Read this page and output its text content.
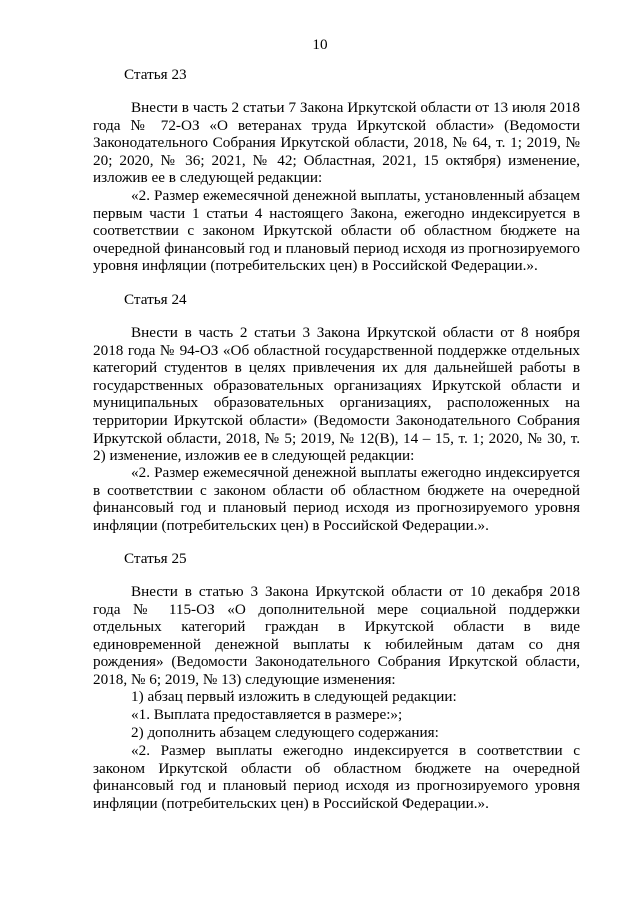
10
Статья 23
Внести в часть 2 статьи 7 Закона Иркутской области от 13 июля 2018 года № 72-ОЗ «О ветеранах труда Иркутской области» (Ведомости Законодательного Собрания Иркутской области, 2018, № 64, т. 1; 2019, № 20; 2020, № 36; 2021, № 42; Областная, 2021, 15 октября) изменение, изложив ее в следующей редакции:
«2. Размер ежемесячной денежной выплаты, установленный абзацем первым части 1 статьи 4 настоящего Закона, ежегодно индексируется в соответствии с законом Иркутской области об областном бюджете на очередной финансовый год и плановый период исходя из прогнозируемого уровня инфляции (потребительских цен) в Российской Федерации.».
Статья 24
Внести в часть 2 статьи 3 Закона Иркутской области от 8 ноября 2018 года № 94-ОЗ «Об областной государственной поддержке отдельных категорий студентов в целях привлечения их для дальнейшей работы в государственных образовательных организациях Иркутской области и муниципальных образовательных организациях, расположенных на территории Иркутской области» (Ведомости Законодательного Собрания Иркутской области, 2018, № 5; 2019, № 12(В), 14 – 15, т. 1; 2020, № 30, т. 2) изменение, изложив ее в следующей редакции:
«2. Размер ежемесячной денежной выплаты ежегодно индексируется в соответствии с законом области об областном бюджете на очередной финансовый год и плановый период исходя из прогнозируемого уровня инфляции (потребительских цен) в Российской Федерации.».
Статья 25
Внести в статью 3 Закона Иркутской области от 10 декабря 2018 года № 115-ОЗ «О дополнительной мере социальной поддержки отдельных категорий граждан в Иркутской области в виде единовременной денежной выплаты к юбилейным датам со дня рождения» (Ведомости Законодательного Собрания Иркутской области, 2018, № 6; 2019, № 13) следующие изменения:
1) абзац первый изложить в следующей редакции:
«1. Выплата предоставляется в размере:»;
2) дополнить абзацем следующего содержания:
«2. Размер выплаты ежегодно индексируется в соответствии с законом Иркутской области об областном бюджете на очередной финансовый год и плановый период исходя из прогнозируемого уровня инфляции (потребительских цен) в Российской Федерации.».
